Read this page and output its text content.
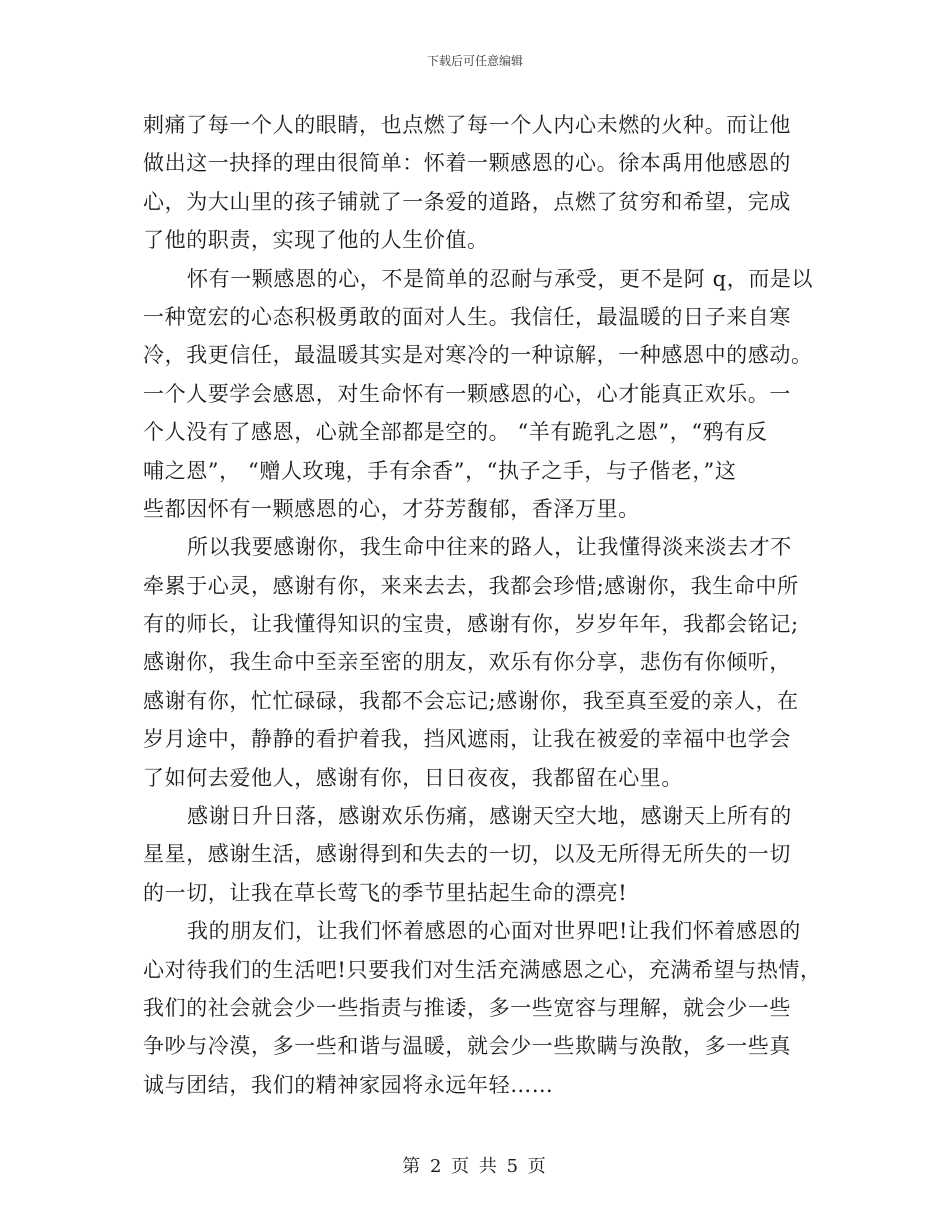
下载后可任意编辑
刺痛了每一个人的眼睛，也点燃了每一个人内心未燃的火种。而让他
做出这一抉择的理由很简单：怀着一颗感恩的心。徐本禹用他感恩的
心，为大山里的孩子铺就了一条爱的道路，点燃了贫穷和希望，完成
了他的职责，实现了他的人生价值。
怀有一颗感恩的心，不是简单的忍耐与承受，更不是阿 q，而是以
一种宽宏的心态积极勇敢的面对人生。我信任，最温暖的日子来自寒
冷，我更信任，最温暖其实是对寒冷的一种谅解，一种感恩中的感动。
一个人要学会感恩，对生命怀有一颗感恩的心，心才能真正欢乐。一
个人没有了感恩，心就全部都是空的。 “羊有跪乳之恩”，“鸦有反
哺之恩”， “赠人玫瑰，手有余香”，“执子之手，与子偕老，”这
些都因怀有一颗感恩的心，才芬芳馥郁，香泽万里。
所以我要感谢你，我生命中往来的路人，让我懂得淡来淡去才不
牵累于心灵，感谢有你，来来去去，我都会珍惜;感谢你，我生命中所
有的师长，让我懂得知识的宝贵，感谢有你，岁岁年年，我都会铭记;
感谢你，我生命中至亲至密的朋友，欢乐有你分享，悲伤有你倾听，
感谢有你，忙忙碌碌，我都不会忘记;感谢你，我至真至爱的亲人，在
岁月途中，静静的看护着我，挡风遮雨，让我在被爱的幸福中也学会
了如何去爱他人，感谢有你，日日夜夜，我都留在心里。
感谢日升日落，感谢欢乐伤痛，感谢天空大地，感谢天上所有的
星星，感谢生活，感谢得到和失去的一切，以及无所得无所失的一切
的一切，让我在草长莺飞的季节里拈起生命的漂亮!
我的朋友们，让我们怀着感恩的心面对世界吧!让我们怀着感恩的
心对待我们的生活吧!只要我们对生活充满感恩之心，充满希望与热情，
我们的社会就会少一些指责与推诿，多一些宽容与理解，就会少一些
争吵与冷漠，多一些和谐与温暖，就会少一些欺瞒与涣散，多一些真
诚与团结，我们的精神家园将永远年轻……
第 2 页 共 5 页
